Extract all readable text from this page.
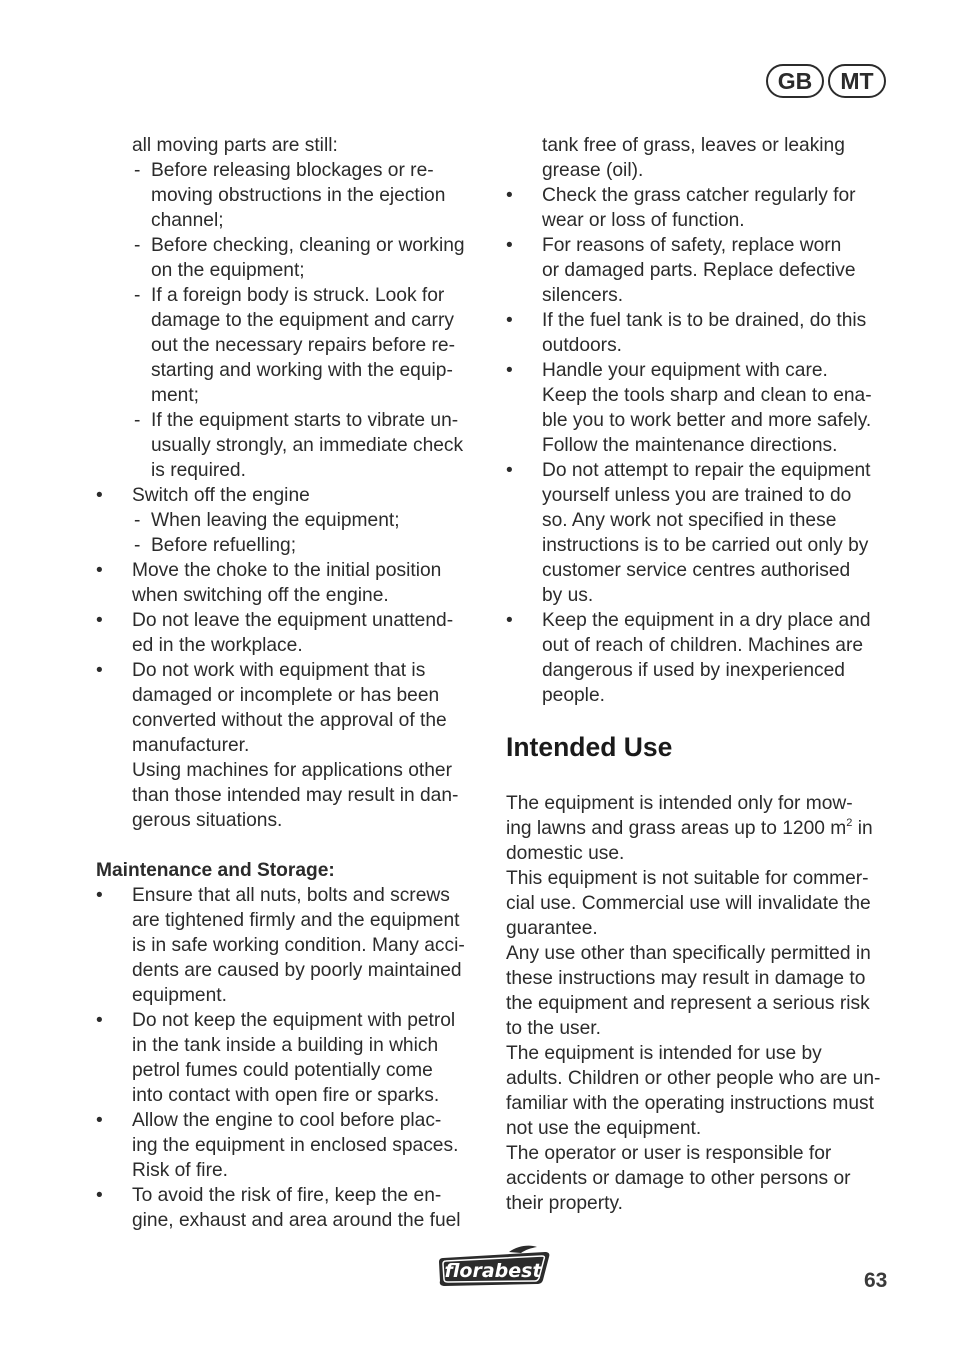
GB	MT
all moving parts are still:
- Before releasing blockages or re-
moving obstructions in the ejection
channel;
- Before checking, cleaning or working
on the equipment;
- If a foreign body is struck. Look for
damage to the equipment and carry
out the necessary repairs before re-
starting and working with the equip-
ment;
- If the equipment starts to vibrate un-
usually strongly, an immediate check
is required.
• Switch off the engine
- When leaving the equipment;
- Before refuelling;
• Move the choke to the initial position
when switching off the engine.
• Do not leave the equipment unattend-
ed in the workplace.
• Do not work with equipment that is
damaged or incomplete or has been
converted without the approval of the
manufacturer.
Using machines for applications other
than those intended may result in dan-
gerous situations.
Maintenance and Storage:
• Ensure that all nuts, bolts and screws
are tightened firmly and the equipment
is in safe working condition. Many acci-
dents are caused by poorly maintained
equipment.
• Do not keep the equipment with petrol
in the tank inside a building in which
petrol fumes could potentially come
into contact with open fire or sparks.
• Allow the engine to cool before plac-
ing the equipment in enclosed spaces.
Risk of fire.
• To avoid the risk of fire, keep the en-
gine, exhaust and area around the fuel
tank free of grass, leaves or leaking
grease (oil).
• Check the grass catcher regularly for
wear or loss of function.
• For reasons of safety, replace worn
or damaged parts. Replace defective
silencers.
• If the fuel tank is to be drained, do this
outdoors.
• Handle your equipment with care.
Keep the tools sharp and clean to ena-
ble you to work better and more safely.
Follow the maintenance directions.
• Do not attempt to repair the equipment
yourself unless you are trained to do
so. Any work not specified in these
instructions is to be carried out only by
customer service centres authorised
by us.
• Keep the equipment in a dry place and
out of reach of children. Machines are
dangerous if used by inexperienced
people.
Intended Use
The equipment is intended only for mow-
ing lawns and grass areas up to 1200 $m^2$ in
domestic use.
This equipment is not suitable for commer-
cial use. Commercial use will invalidate the
guarantee.
Any use other than specifically permitted in
these instructions may result in damage to
the equipment and represent a serious risk
to the user.
The equipment is intended for use by
adults. Children or other people who are un-
familiar with the operating instructions must
not use the equipment.
The operator or user is responsible for
accidents or damage to other persons or
their property.
florabest	63
